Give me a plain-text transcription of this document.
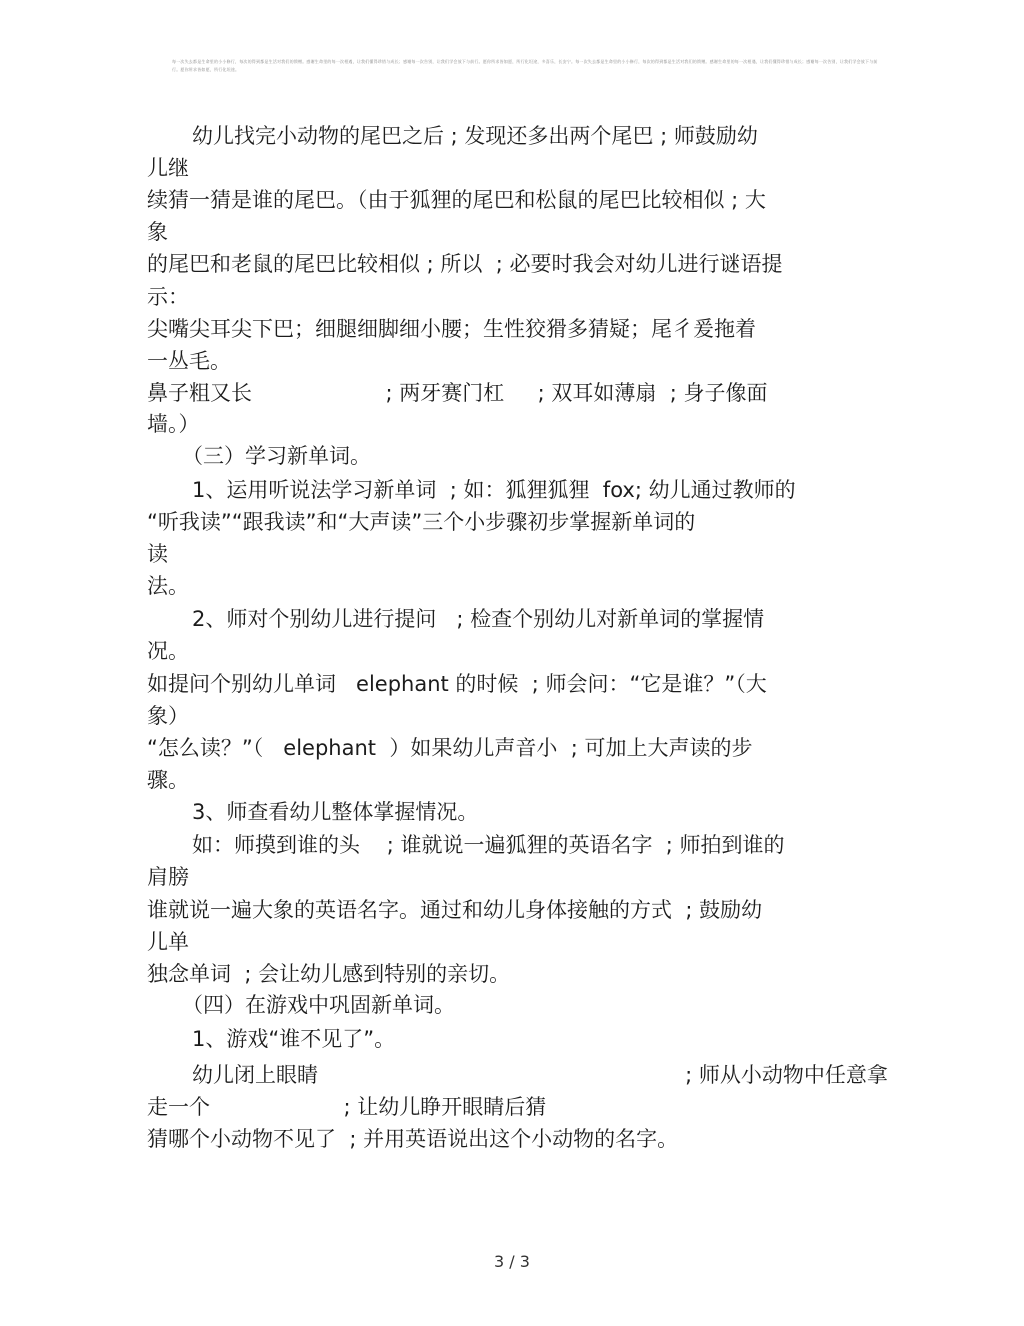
每一次失去都是生命里的小小修行，每次的得到都是生活对我们的馈赠。感谢生命里的每一次相遇，让我们懂得珍惜与成长；感谢每一次告别，让我们学会放下与前行。愿你所求皆如愿，所行化坦途，多喜乐，长安宁。每一次失去都是生命里的小小修行，每次的得到都是生活对我们的馈赠。感谢生命里的每一次相遇，让我们懂得珍惜与成长；感谢每一次告别，让我们学会放下与前行。愿你所求皆如愿，所行化坦途。
幼儿找完小动物的尾巴之后 ; 发现还多出两个尾巴 ; 师鼓励幼
儿继
续猜一猜是谁的尾巴。（由于狐狸的尾巴和松鼠的尾巴比较相似 ; 大
象
的尾巴和老鼠的尾巴比较相似 ; 所以  ; 必要时我会对幼儿进行谜语提
示：
尖嘴尖耳尖下巴；细腿细脚细小腰；生性狡猾多猜疑；尾彳爰拖着
一丛毛。
鼻子粗又长                    ; 两牙赛门杠     ; 双耳如薄扇  ; 身子像面
墙。）
（三）学习新单词。
1、运用听说法学习新单词  ; 如：狐狸狐狸  fox; 幼儿通过教师的
“听我读”“跟我读”和“大声读”三个小步骤初步掌握新单词的
读
法。
2、师对个别幼儿进行提问   ; 检查个别幼儿对新单词的掌握情
况。
如提问个别幼儿单词   elephant 的时候  ; 师会问：“它是谁？”（大
象）
“怎么读？”（   elephant  ）如果幼儿声音小  ; 可加上大声读的步
骤。
3、师查看幼儿整体掌握情况。
如：师摸到谁的头    ; 谁就说一遍狐狸的英语名字  ; 师拍到谁的
肩膀
谁就说一遍大象的英语名字。通过和幼儿身体接触的方式  ; 鼓励幼
儿单
独念单词  ; 会让幼儿感到特别的亲切。
（四）在游戏中巩固新单词。
1、游戏“谁不见了”。
幼儿闭上眼睛                                                       ; 师从小动物中任意拿
走一个                    ; 让幼儿睁开眼睛后猜
猜哪个小动物不见了  ; 并用英语说出这个小动物的名字。
3 / 3
